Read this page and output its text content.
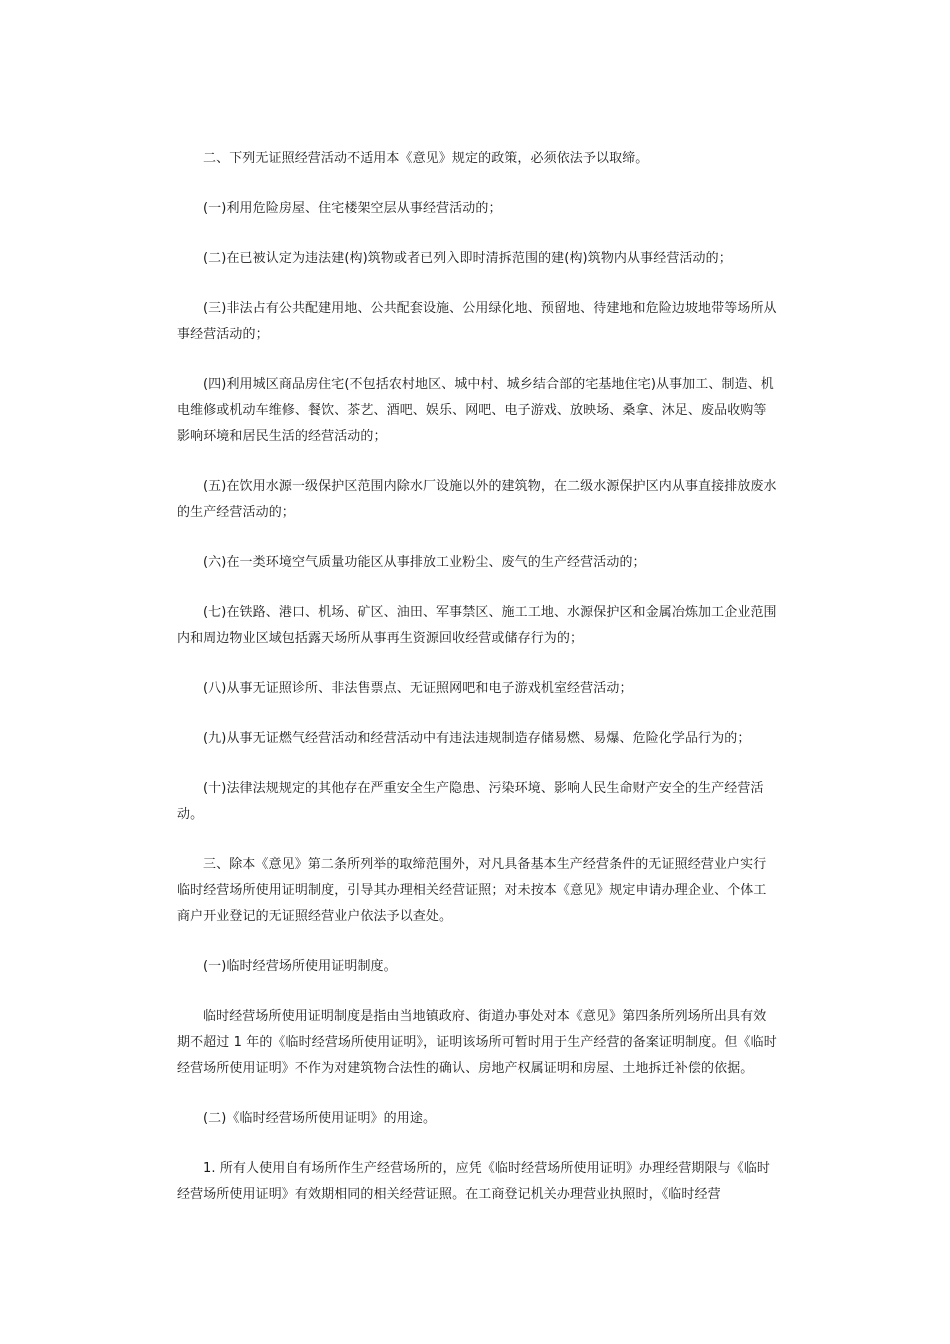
二、下列无证照经营活动不适用本《意见》规定的政策，必须依法予以取缔。

(一)利用危险房屋、住宅楼架空层从事经营活动的；

(二)在已被认定为违法建(构)筑物或者已列入即时清拆范围的建(构)筑物内从事经营活动的；

(三)非法占有公共配建用地、公共配套设施、公用绿化地、预留地、待建地和危险边坡地带等场所从事经营活动的；

(四)利用城区商品房住宅(不包括农村地区、城中村、城乡结合部的宅基地住宅)从事加工、制造、机电维修或机动车维修、餐饮、茶艺、酒吧、娱乐、网吧、电子游戏、放映场、桑拿、沐足、废品收购等影响环境和居民生活的经营活动的；

(五)在饮用水源一级保护区范围内除水厂设施以外的建筑物，在二级水源保护区内从事直接排放废水的生产经营活动的；

(六)在一类环境空气质量功能区从事排放工业粉尘、废气的生产经营活动的；

(七)在铁路、港口、机场、矿区、油田、军事禁区、施工工地、水源保护区和金属冶炼加工企业范围内和周边物业区域包括露天场所从事再生资源回收经营或储存行为的；

(八)从事无证照诊所、非法售票点、无证照网吧和电子游戏机室经营活动；

(九)从事无证燃气经营活动和经营活动中有违法违规制造存储易燃、易爆、危险化学品行为的；

(十)法律法规规定的其他存在严重安全生产隐患、污染环境、影响人民生命财产安全的生产经营活动。

三、除本《意见》第二条所列举的取缔范围外，对凡具备基本生产经营条件的无证照经营业户实行临时经营场所使用证明制度，引导其办理相关经营证照；对未按本《意见》规定申请办理企业、个体工商户开业登记的无证照经营业户依法予以查处。

(一)临时经营场所使用证明制度。

临时经营场所使用证明制度是指由当地镇政府、街道办事处对本《意见》第四条所列场所出具有效期不超过 1 年的《临时经营场所使用证明》，证明该场所可暂时用于生产经营的备案证明制度。但《临时经营场所使用证明》不作为对建筑物合法性的确认、房地产权属证明和房屋、土地拆迁补偿的依据。

(二)《临时经营场所使用证明》的用途。

1. 所有人使用自有场所作生产经营场所的，应凭《临时经营场所使用证明》办理经营期限与《临时经营场所使用证明》有效期相同的相关经营证照。在工商登记机关办理营业执照时，《临时经营
